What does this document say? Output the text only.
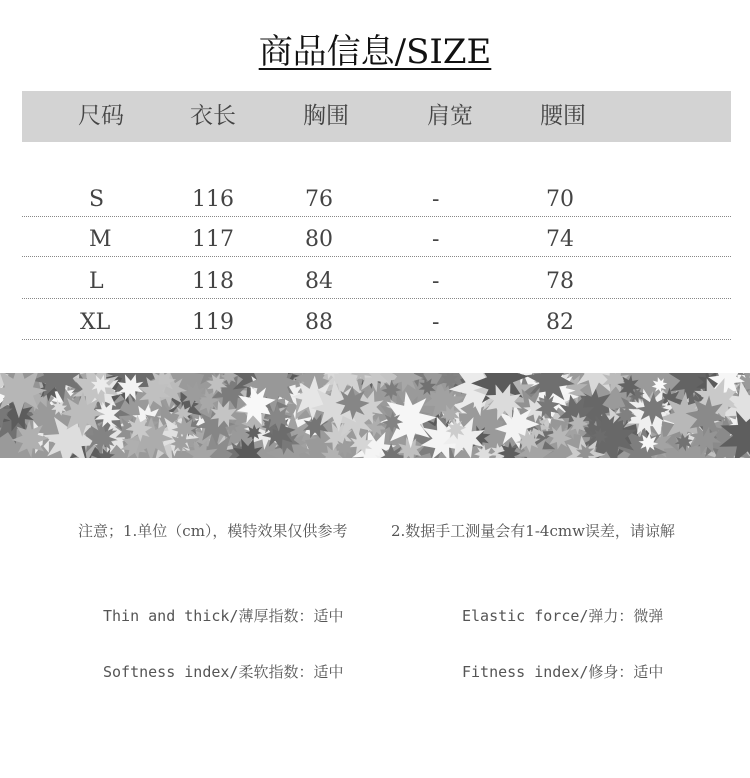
商品信息/SIZE
尺码	衣长	胸围	肩宽	腰围
S	116	76	-	70
M	117	80	-	74
L	118	84	-	78
XL	119	88	-	82
注意；1.单位（cm），模特效果仅供参考	2.数据手工测量会有1-4cmw误差，请谅解
Thin and thick/薄厚指数：适中	Elastic force/弹力：微弹
Softness index/柔软指数：适中	Fitness index/修身：适中
